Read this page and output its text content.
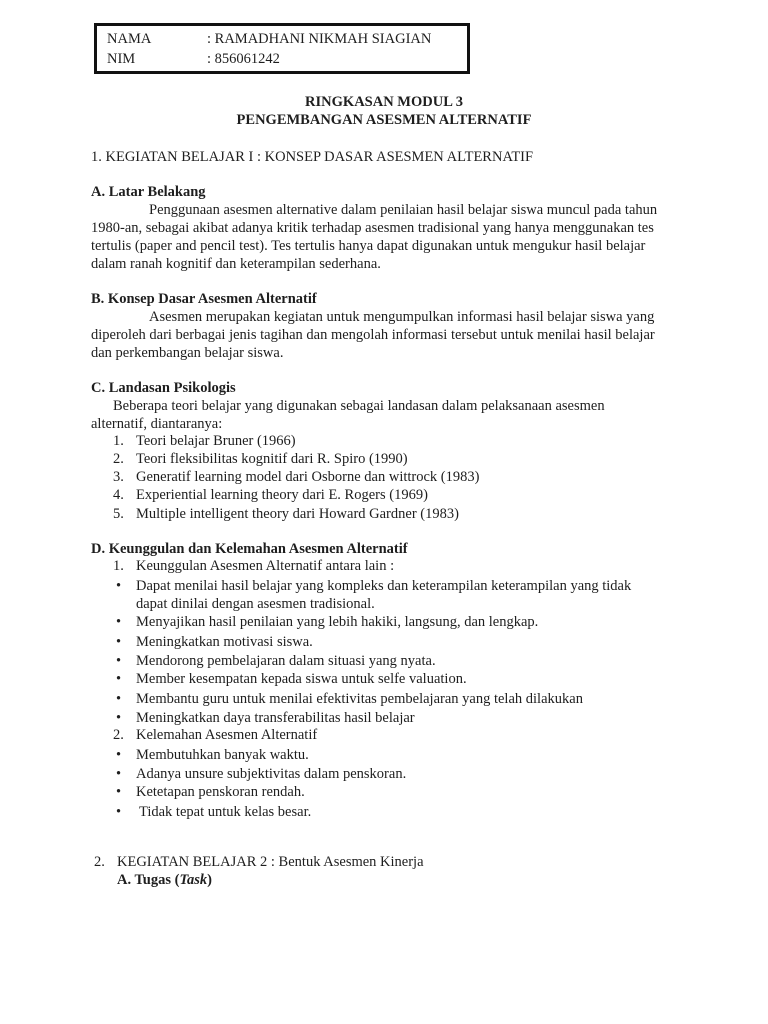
NAMA	: RAMADHANI NIKMAH SIAGIAN
NIM	: 856061242
RINGKASAN MODUL 3
PENGEMBANGAN ASESMEN ALTERNATIF
1. KEGIATAN BELAJAR I : KONSEP DASAR ASESMEN ALTERNATIF
A. Latar Belakang
Penggunaan asesmen alternative dalam penilaian hasil belajar siswa muncul pada tahun
1980-an, sebagai akibat adanya kritik terhadap asesmen tradisional yang hanya menggunakan tes
tertulis (paper and pencil test). Tes tertulis hanya dapat digunakan untuk mengukur hasil belajar
dalam ranah kognitif dan keterampilan sederhana.
B. Konsep Dasar Asesmen Alternatif
Asesmen merupakan kegiatan untuk mengumpulkan informasi hasil belajar siswa yang
diperoleh dari berbagai jenis tagihan dan mengolah informasi tersebut untuk menilai hasil belajar
dan perkembangan belajar siswa.
C. Landasan Psikologis
Beberapa teori belajar yang digunakan sebagai landasan dalam pelaksanaan asesmen
alternatif, diantaranya:
1. Teori belajar Bruner (1966)
2. Teori fleksibilitas kognitif dari R. Spiro (1990)
3. Generatif learning model dari Osborne dan wittrock (1983)
4. Experiential learning theory dari E. Rogers (1969)
5. Multiple intelligent theory dari Howard Gardner (1983)
D. Keunggulan dan Kelemahan Asesmen Alternatif
1. Keunggulan Asesmen Alternatif antara lain :
• Dapat menilai hasil belajar yang kompleks dan keterampilan keterampilan yang tidak
dapat dinilai dengan asesmen tradisional.
• Menyajikan hasil penilaian yang lebih hakiki, langsung, dan lengkap.
• Meningkatkan motivasi siswa.
• Mendorong pembelajaran dalam situasi yang nyata.
• Member kesempatan kepada siswa untuk selfe valuation.
• Membantu guru untuk menilai efektivitas pembelajaran yang telah dilakukan
• Meningkatkan daya transferabilitas hasil belajar
2. Kelemahan Asesmen Alternatif
• Membutuhkan banyak waktu.
• Adanya unsure subjektivitas dalam penskoran.
• Ketetapan penskoran rendah.
• Tidak tepat untuk kelas besar.
2. KEGIATAN BELAJAR 2 : Bentuk Asesmen Kinerja
A. Tugas (Task)
